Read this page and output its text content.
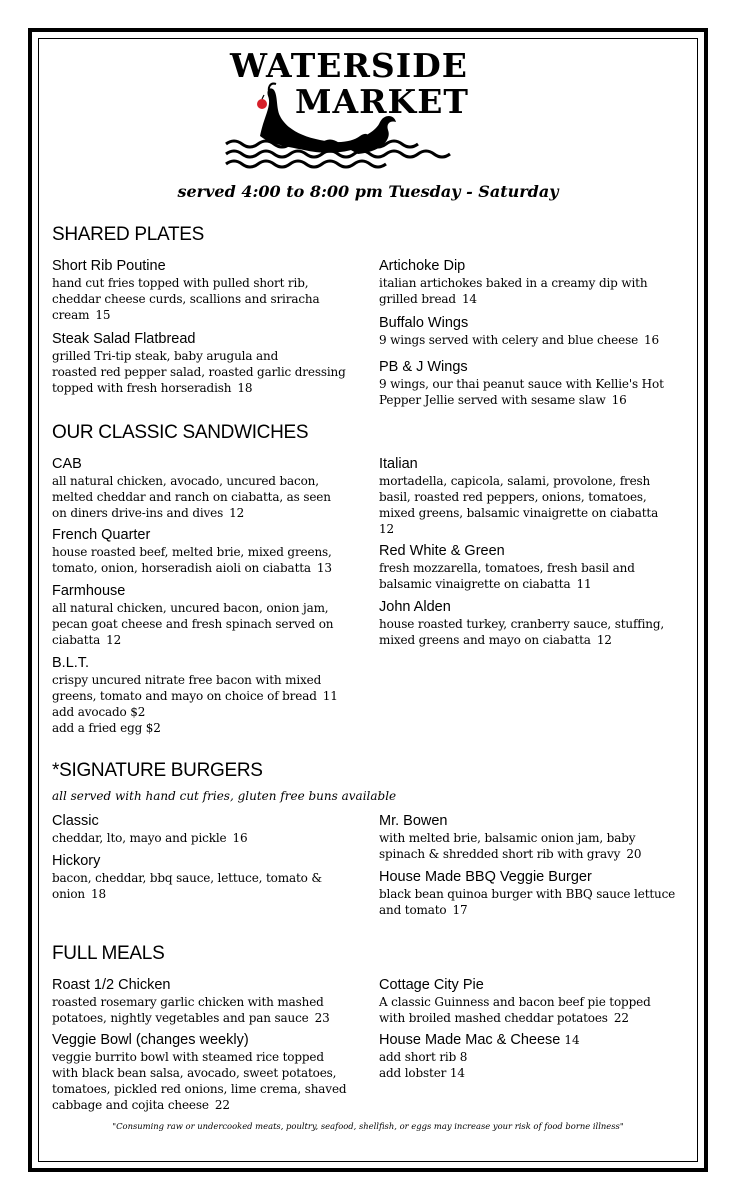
WATERSIDE
MARKET
served 4:00 to 8:00 pm Tuesday - Saturday
SHARED PLATES
Short Rib Poutine
hand cut fries topped with pulled short rib,
cheddar cheese curds, scallions and sriracha
cream 15
Steak Salad Flatbread
grilled Tri-tip steak, baby arugula and
roasted red pepper salad, roasted garlic dressing
topped with fresh horseradish 18
Artichoke Dip
italian artichokes baked in a creamy dip with
grilled bread 14
Buffalo Wings
9 wings served with celery and blue cheese 16
PB & J Wings
9 wings, our thai peanut sauce with Kellie's Hot
Pepper Jellie served with sesame slaw 16
OUR CLASSIC SANDWICHES
CAB
all natural chicken, avocado, uncured bacon,
melted cheddar and ranch on ciabatta, as seen
on diners drive-ins and dives 12
French Quarter
house roasted beef, melted brie, mixed greens,
tomato, onion, horseradish aioli on ciabatta 13
Farmhouse
all natural chicken, uncured bacon, onion jam,
pecan goat cheese and fresh spinach served on
ciabatta 12
B.L.T.
crispy uncured nitrate free bacon with mixed
greens, tomato and mayo on choice of bread 11
add avocado $2
add a fried egg $2
Italian
mortadella, capicola, salami, provolone, fresh
basil, roasted red peppers, onions, tomatoes,
mixed greens, balsamic vinaigrette on ciabatta
12
Red White & Green
fresh mozzarella, tomatoes, fresh basil and
balsamic vinaigrette on ciabatta 11
John Alden
house roasted turkey, cranberry sauce, stuffing,
mixed greens and mayo on ciabatta 12
*SIGNATURE BURGERS
all served with hand cut fries, gluten free buns available
Classic
cheddar, lto, mayo and pickle 16
Hickory
bacon, cheddar, bbq sauce, lettuce, tomato &
onion 18
Mr. Bowen
with melted brie, balsamic onion jam, baby
spinach & shredded short rib with gravy 20
House Made BBQ Veggie Burger
black bean quinoa burger with BBQ sauce lettuce
and tomato 17
FULL MEALS
Roast 1/2 Chicken
roasted rosemary garlic chicken with mashed
potatoes, nightly vegetables and pan sauce 23
Veggie Bowl (changes weekly)
veggie burrito bowl with steamed rice topped
with black bean salsa, avocado, sweet potatoes,
tomatoes, pickled red onions, lime crema, shaved
cabbage and cojita cheese 22
Cottage City Pie
A classic Guinness and bacon beef pie topped
with broiled mashed cheddar potatoes 22
House Made Mac & Cheese 14
add short rib 8
add lobster 14
"Consuming raw or undercooked meats, poultry, seafood, shellfish, or eggs may increase your risk of food borne illness"
